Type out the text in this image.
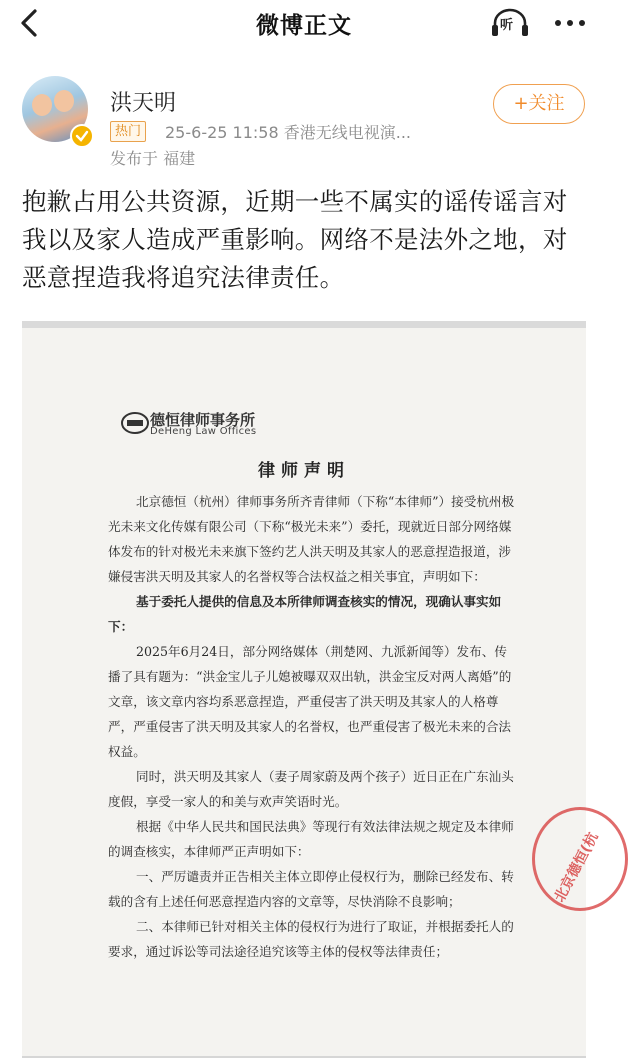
微博正文	听
洪天明
热门	25-6-25 11:58 香港无线电视演...
发布于 福建
+关注
抱歉占用公共资源，近期一些不属实的谣传谣言对我以及家人造成严重影响。网络不是法外之地，对恶意捏造我将追究法律责任。
德恒律师事务所
DeHeng Law Offices
律师声明

北京德恒（杭州）律师事务所齐青律师（下称“本律师”）接受杭州极光未来文化传媒有限公司（下称“极光未来”）委托，现就近日部分网络媒体发布的针对极光未来旗下签约艺人洪天明及其家人的恶意捏造报道，涉嫌侵害洪天明及其家人的名誉权等合法权益之相关事宜，声明如下：

基于委托人提供的信息及本所律师调查核实的情况，现确认事实如下：

2025年6月24日，部分网络媒体（荆楚网、九派新闻等）发布、传播了具有题为：“洪金宝儿子儿媳被曝双双出轨，洪金宝反对两人离婚”的文章，该文章内容均系恶意捏造，严重侵害了洪天明及其家人的人格尊严，严重侵害了洪天明及其家人的名誉权，也严重侵害了极光未来的合法权益。

同时，洪天明及其家人（妻子周家蔚及两个孩子）近日正在广东汕头度假，享受一家人的和美与欢声笑语时光。

根据《中华人民共和国民法典》等现行有效法律法规之规定及本律师的调查核实，本律师严正声明如下：

一、严厉谴责并正告相关主体立即停止侵权行为，删除已经发布、转载的含有上述任何恶意捏造内容的文章等，尽快消除不良影响；

二、本律师已针对相关主体的侵权行为进行了取证，并根据委托人的要求，通过诉讼等司法途径追究该等主体的侵权等法律责任；

北京德恒(杭
